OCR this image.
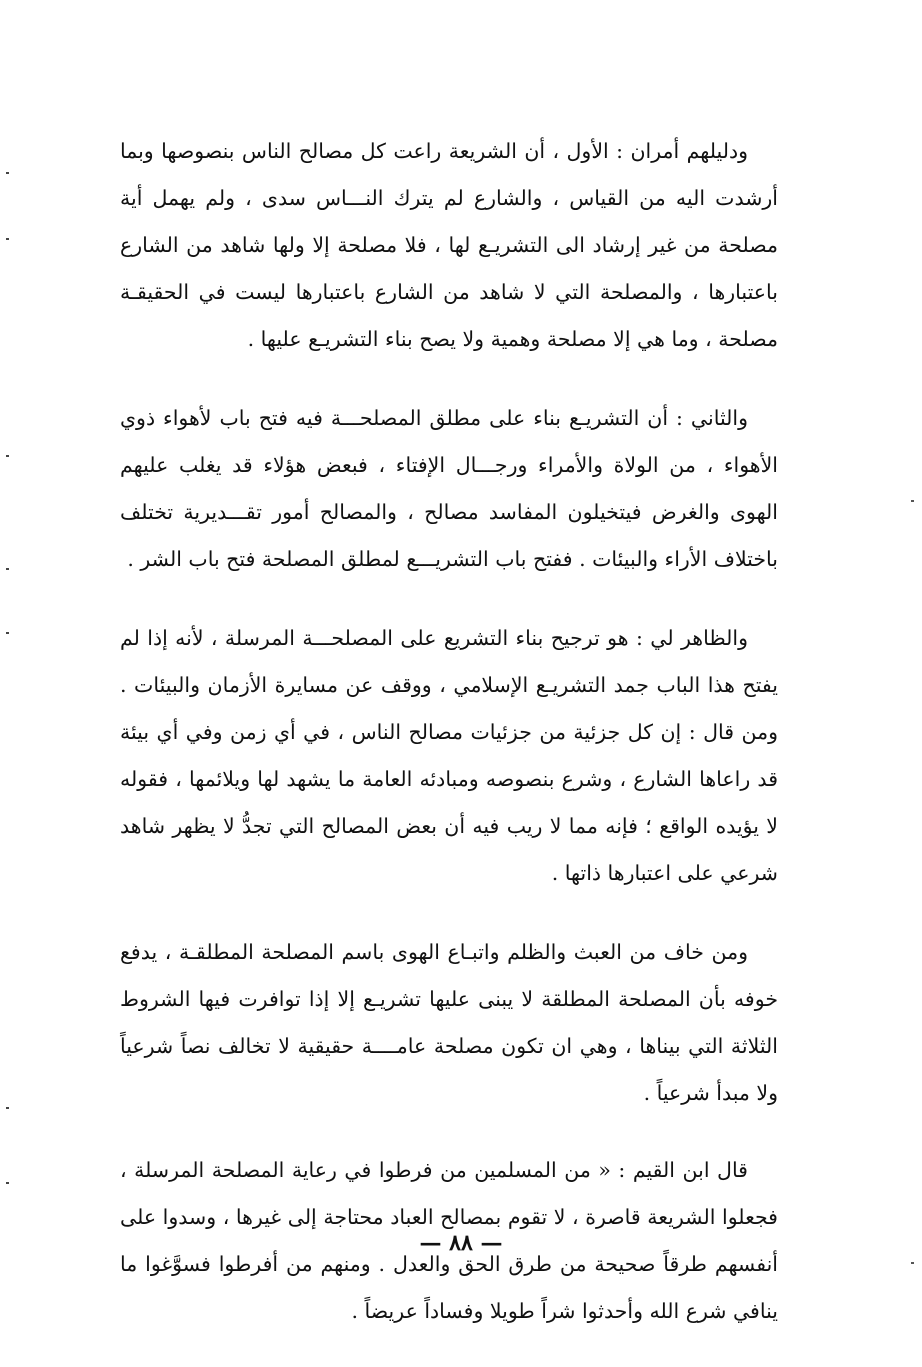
ودليلهم أمران : الأول ، أن الشريعة راعت كل مصالح الناس بنصوصها وبما أرشدت اليه من القياس ، والشارع لم يترك النـــاس سدى ، ولم يهمل أية مصلحة من غير إرشاد الى التشريـع لها ، فلا مصلحة إلا ولها شاهد من الشارع باعتبارها ، والمصلحة التي لا شاهد من الشارع باعتبارها ليست في الحقيقـة مصلحة ، وما هي إلا مصلحة وهمية ولا يصح بناء التشريـع عليها .

والثاني : أن التشريـع بناء على مطلق المصلحـــة فيه فتح باب لأهواء ذوي الأهواء ، من الولاة والأمراء ورجـــال الإفتاء ، فبعض هؤلاء قد يغلب عليهم الهوى والغرض فيتخيلون المفاسد مصالح ، والمصالح أمور تقـــديرية تختلف باختلاف الأراء والبيئات . ففتح باب التشريـــع لمطلق المصلحة فتح باب الشر .

والظاهر لي : هو ترجيح بناء التشريع على المصلحـــة المرسلة ، لأنه إذا لم يفتح هذا الباب جمد التشريـع الإسلامي ، ووقف عن مسايرة الأزمان والبيئات . ومن قال : إن كل جزئية من جزئيات مصالح الناس ، في أي زمن وفي أي بيئة قد راعاها الشارع ، وشرع بنصوصه ومبادئه العامة ما يشهد لها ويلائمها ، فقوله لا يؤيده الواقع ؛ فإنه مما لا ريب فيه أن بعض المصالح التي تجدُّ لا يظهر شاهد شرعي على اعتبارها ذاتها .

ومن خاف من العبث والظلم واتبـاع الهوى باسم المصلحة المطلقـة ، يدفع خوفه بأن المصلحة المطلقة لا يبنى عليها تشريـع إلا إذا توافرت فيها الشروط الثلاثة التي بيناها ، وهي ان تكون مصلحة عامــــة حقيقية لا تخالف نصاً شرعياً ولا مبدأ شرعياً .

قال ابن القيم : « من المسلمين من فرطوا في رعاية المصلحة المرسلة ، فجعلوا الشريعة قاصرة ، لا تقوم بمصالح العباد محتاجة إلى غيرها ، وسدوا على أنفسهم طرقاً صحيحة من طرق الحق والعدل . ومنهم من أفرطوا فسوَّغوا ما ينافي شرع الله وأحدثوا شراً طويلا وفساداً عريضاً .

— ٨٨ —
